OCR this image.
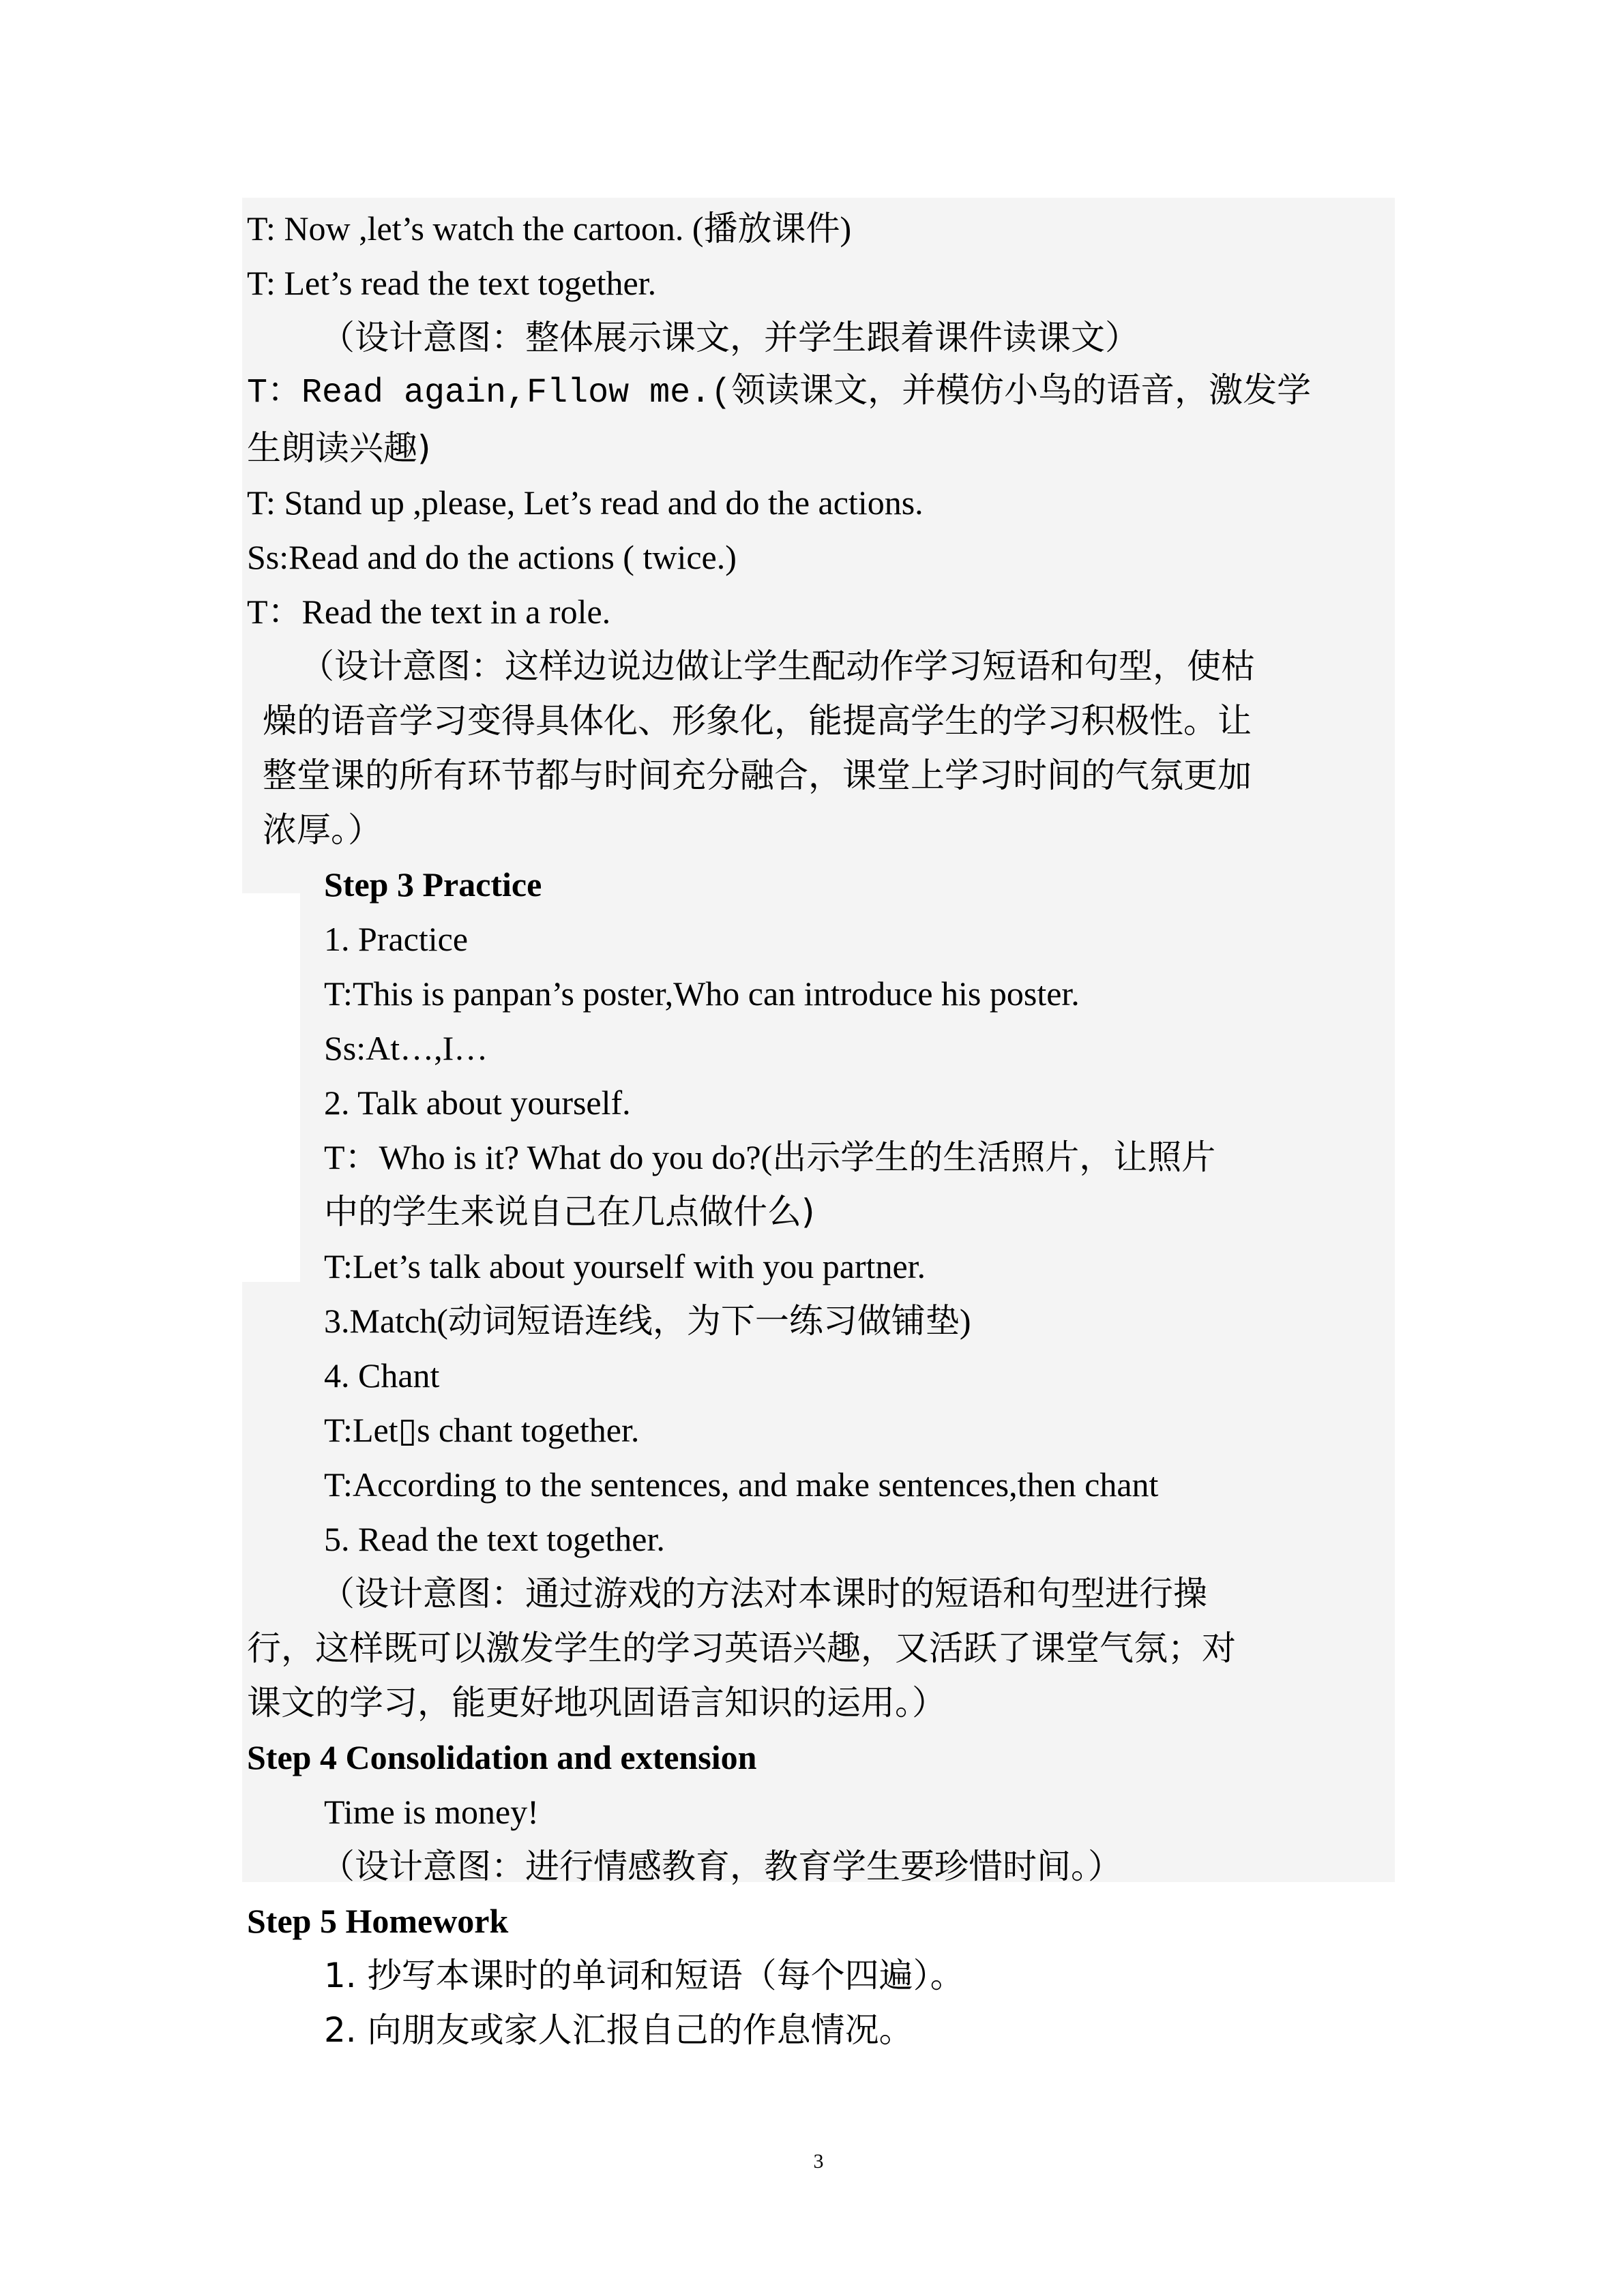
T: Now ,let’s watch the cartoon. (播放课件)
T: Let’s read the text together.
（设计意图：整体展示课文，并学生跟着课件读课文）
T：Read again,Fllow me.(领读课文，并模仿小鸟的语音，激发学
生朗读兴趣)
T: Stand up ,please, Let’s read and do the actions.
Ss:Read and do the actions ( twice.)
T：Read the text in a role.
（设计意图：这样边说边做让学生配动作学习短语和句型，使枯
燥的语音学习变得具体化、形象化，能提高学生的学习积极性。让
整堂课的所有环节都与时间充分融合，课堂上学习时间的气氛更加
浓厚。）
Step 3 Practice
1. Practice
T:This is panpan’s poster,Who can introduce his poster.
Ss:At…,I…
2. Talk about yourself.
T：Who is it? What do you do?(出示学生的生活照片，让照片
中的学生来说自己在几点做什么)
T:Let’s talk about yourself with you partner.
3.Match(动词短语连线，为下一练习做铺垫)
4. Chant
T:Let▯s chant together.
T:According to the sentences, and make sentences,then chant
5. Read the text together.
（设计意图：通过游戏的方法对本课时的短语和句型进行操
行，这样既可以激发学生的学习英语兴趣，又活跃了课堂气氛；对
课文的学习，能更好地巩固语言知识的运用。）
Step 4 Consolidation and extension
Time is money!
（设计意图：进行情感教育，教育学生要珍惜时间。）
Step 5 Homework
1. 抄写本课时的单词和短语（每个四遍）。
2. 向朋友或家人汇报自己的作息情况。
3
